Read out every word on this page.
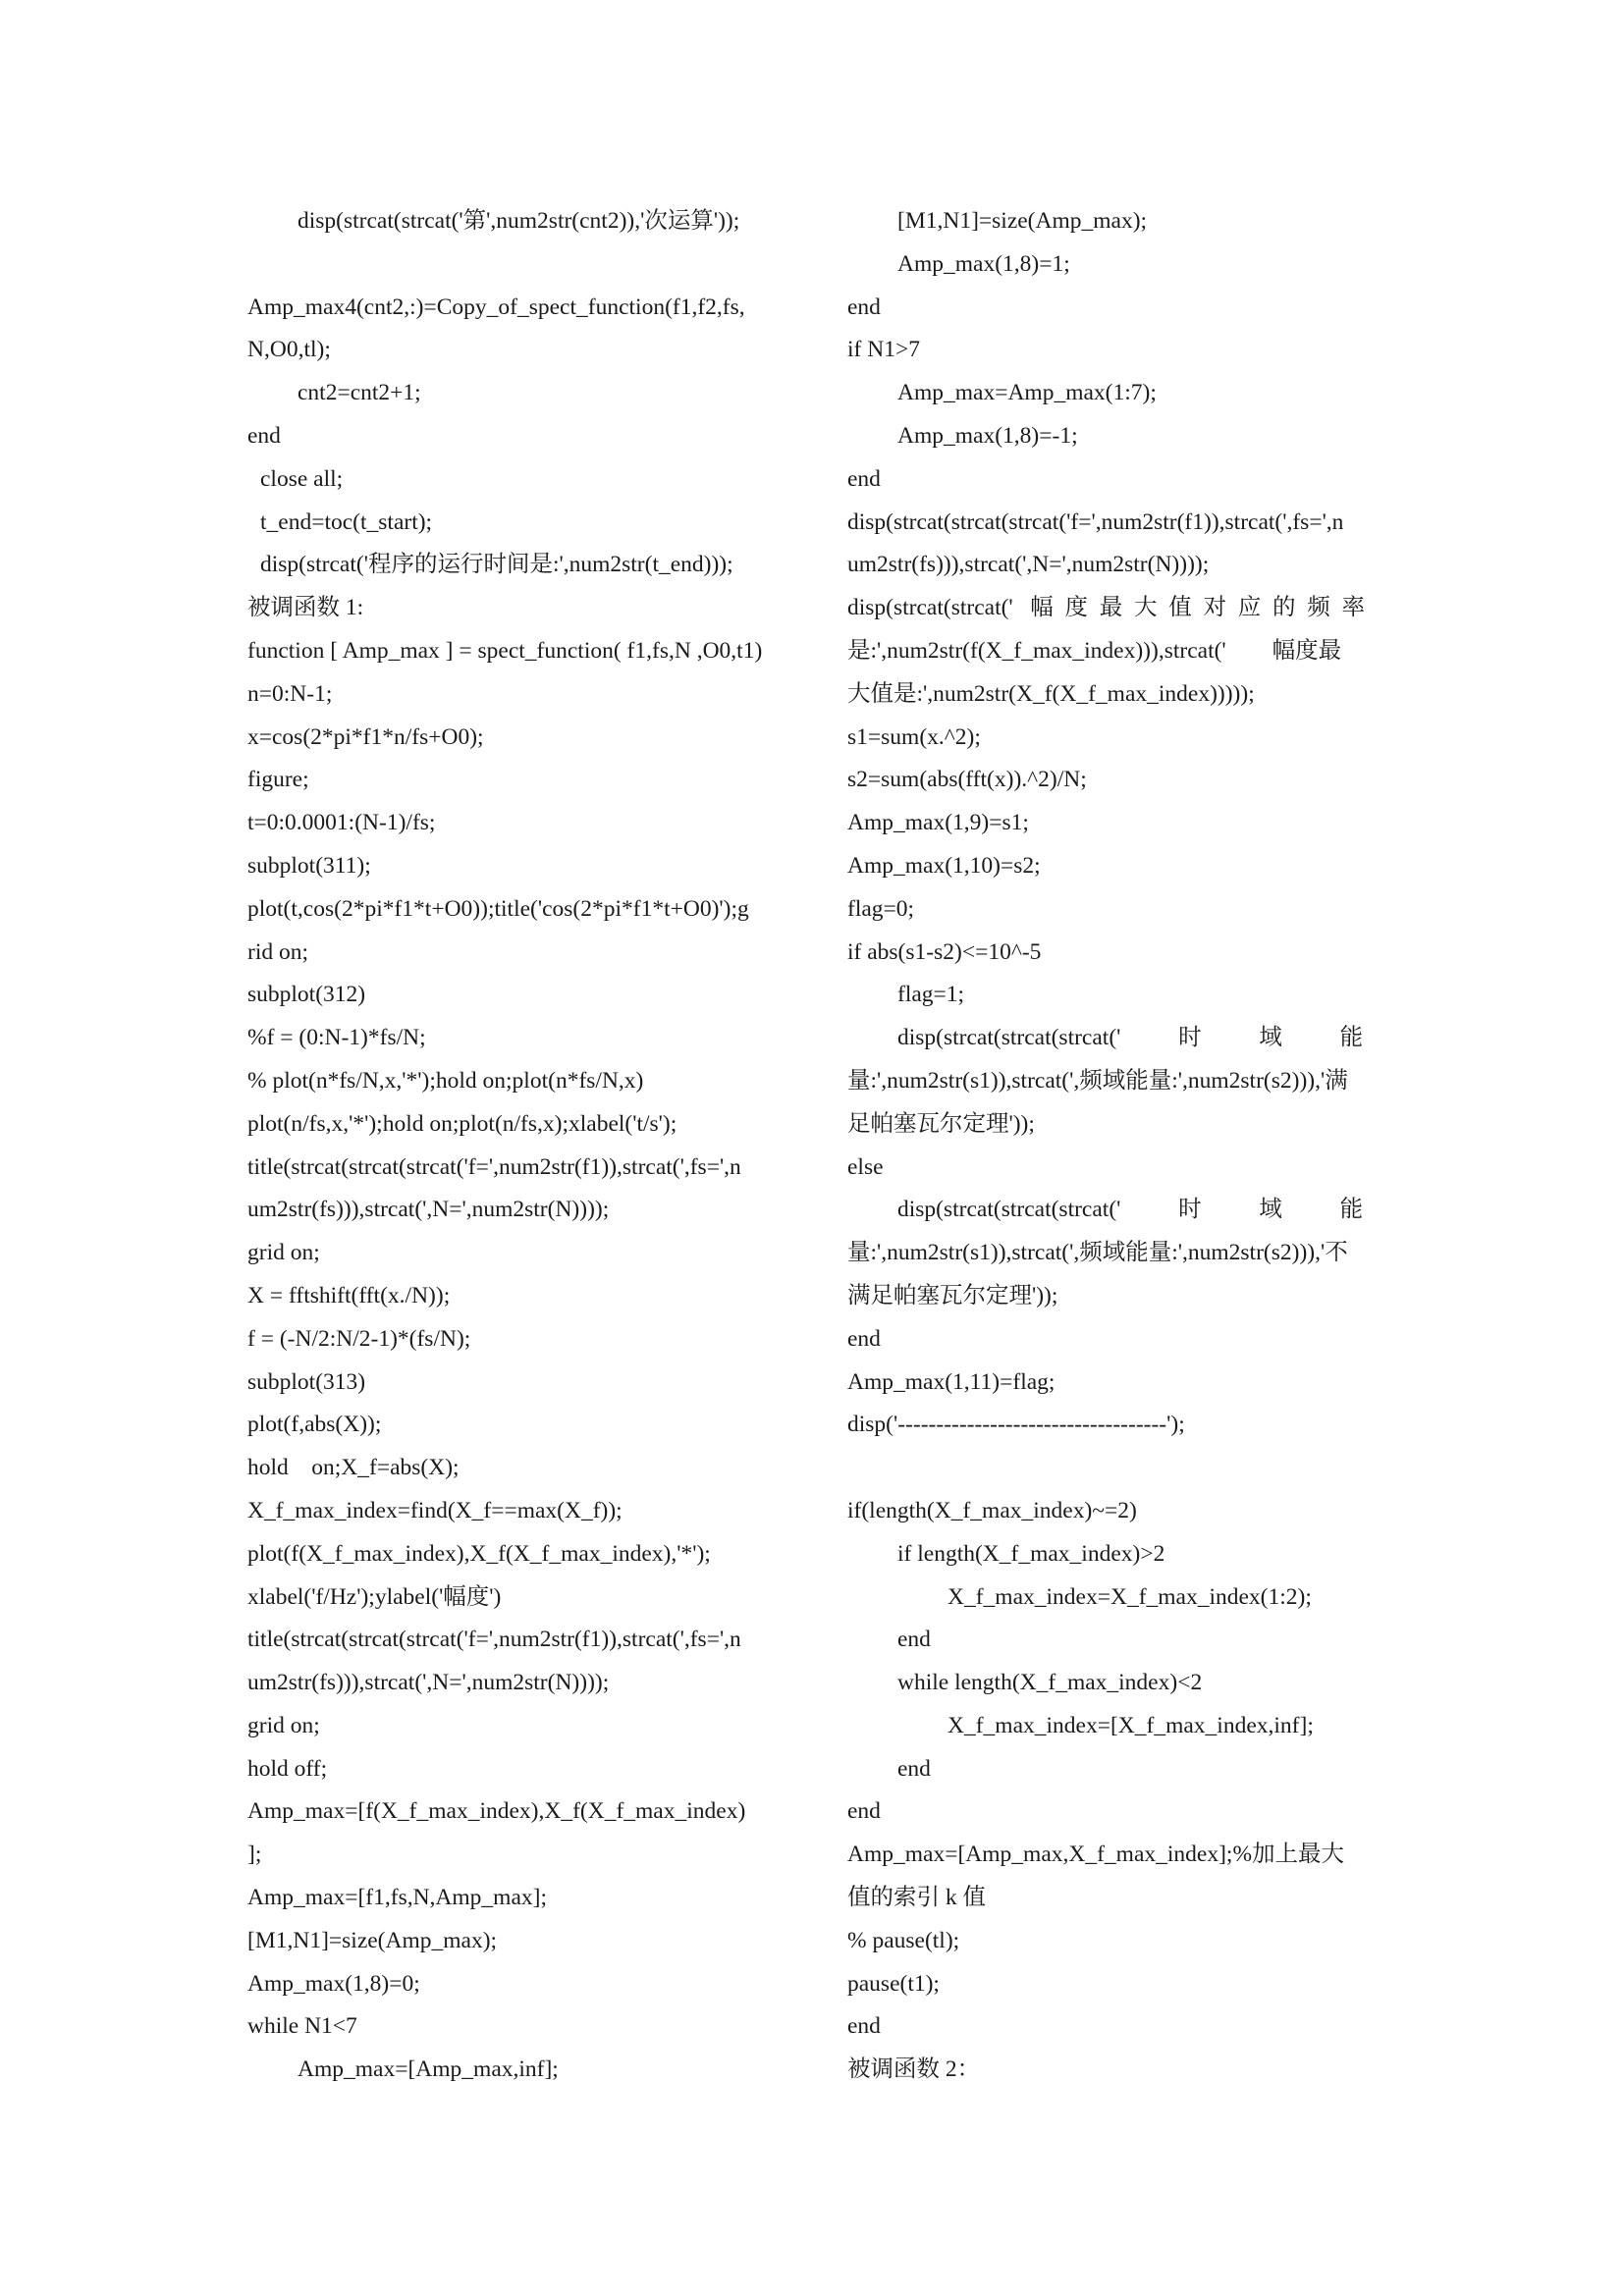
disp(strcat(strcat('第',num2str(cnt2)),'次运算'));
Amp_max4(cnt2,:)=Copy_of_spect_function(f1,f2,fs,
N,O0,tl);
cnt2=cnt2+1;
end
close all;
t_end=toc(t_start);
disp(strcat('程序的运行时间是:',num2str(t_end)));
被调函数 1:
function [ Amp_max ] = spect_function( f1,fs,N ,O0,t1)
n=0:N-1;
x=cos(2*pi*f1*n/fs+O0);
figure;
t=0:0.0001:(N-1)/fs;
subplot(311);
plot(t,cos(2*pi*f1*t+O0));title('cos(2*pi*f1*t+O0)');g
rid on;
subplot(312)
%f = (0:N-1)*fs/N;
% plot(n*fs/N,x,'*');hold on;plot(n*fs/N,x)
plot(n/fs,x,'*');hold on;plot(n/fs,x);xlabel('t/s');
title(strcat(strcat(strcat('f=',num2str(f1)),strcat(',fs=',n
um2str(fs))),strcat(',N=',num2str(N))));
grid on;
X = fftshift(fft(x./N));
f = (-N/2:N/2-1)*(fs/N);
subplot(313)
plot(f,abs(X));
hold    on;X_f=abs(X);
X_f_max_index=find(X_f==max(X_f));
plot(f(X_f_max_index),X_f(X_f_max_index),'*');
xlabel('f/Hz');ylabel('幅度')
title(strcat(strcat(strcat('f=',num2str(f1)),strcat(',fs=',n
um2str(fs))),strcat(',N=',num2str(N))));
grid on;
hold off;
Amp_max=[f(X_f_max_index),X_f(X_f_max_index)
];
Amp_max=[f1,fs,N,Amp_max];
[M1,N1]=size(Amp_max);
Amp_max(1,8)=0;
while N1<7
Amp_max=[Amp_max,inf];
[M1,N1]=size(Amp_max);
Amp_max(1,8)=1;
end
if N1>7
Amp_max=Amp_max(1:7);
Amp_max(1,8)=-1;
end
disp(strcat(strcat(strcat('f=',num2str(f1)),strcat(',fs=',n
um2str(fs))),strcat(',N=',num2str(N))));
disp(strcat(strcat('   幅  度  最  大  值  对  应  的  频  率
是:',num2str(f(X_f_max_index))),strcat('        幅度最
大值是:',num2str(X_f(X_f_max_index)))));
s1=sum(x.^2);
s2=sum(abs(fft(x)).^2)/N;
Amp_max(1,9)=s1;
Amp_max(1,10)=s2;
flag=0;
if abs(s1-s2)<=10^-5
flag=1;
disp(strcat(strcat(strcat('          时          域          能
量:',num2str(s1)),strcat(',频域能量:',num2str(s2))),'满
足帕塞瓦尔定理'));
else
disp(strcat(strcat(strcat('          时          域          能
量:',num2str(s1)),strcat(',频域能量:',num2str(s2))),'不
满足帕塞瓦尔定理'));
end
Amp_max(1,11)=flag;
disp('-----------------------------------');
if(length(X_f_max_index)~=2)
if length(X_f_max_index)>2
X_f_max_index=X_f_max_index(1:2);
end
while length(X_f_max_index)<2
X_f_max_index=[X_f_max_index,inf];
end
end
Amp_max=[Amp_max,X_f_max_index];%加上最大
值的索引 k 值
% pause(tl);
pause(t1);
end
被调函数 2：
